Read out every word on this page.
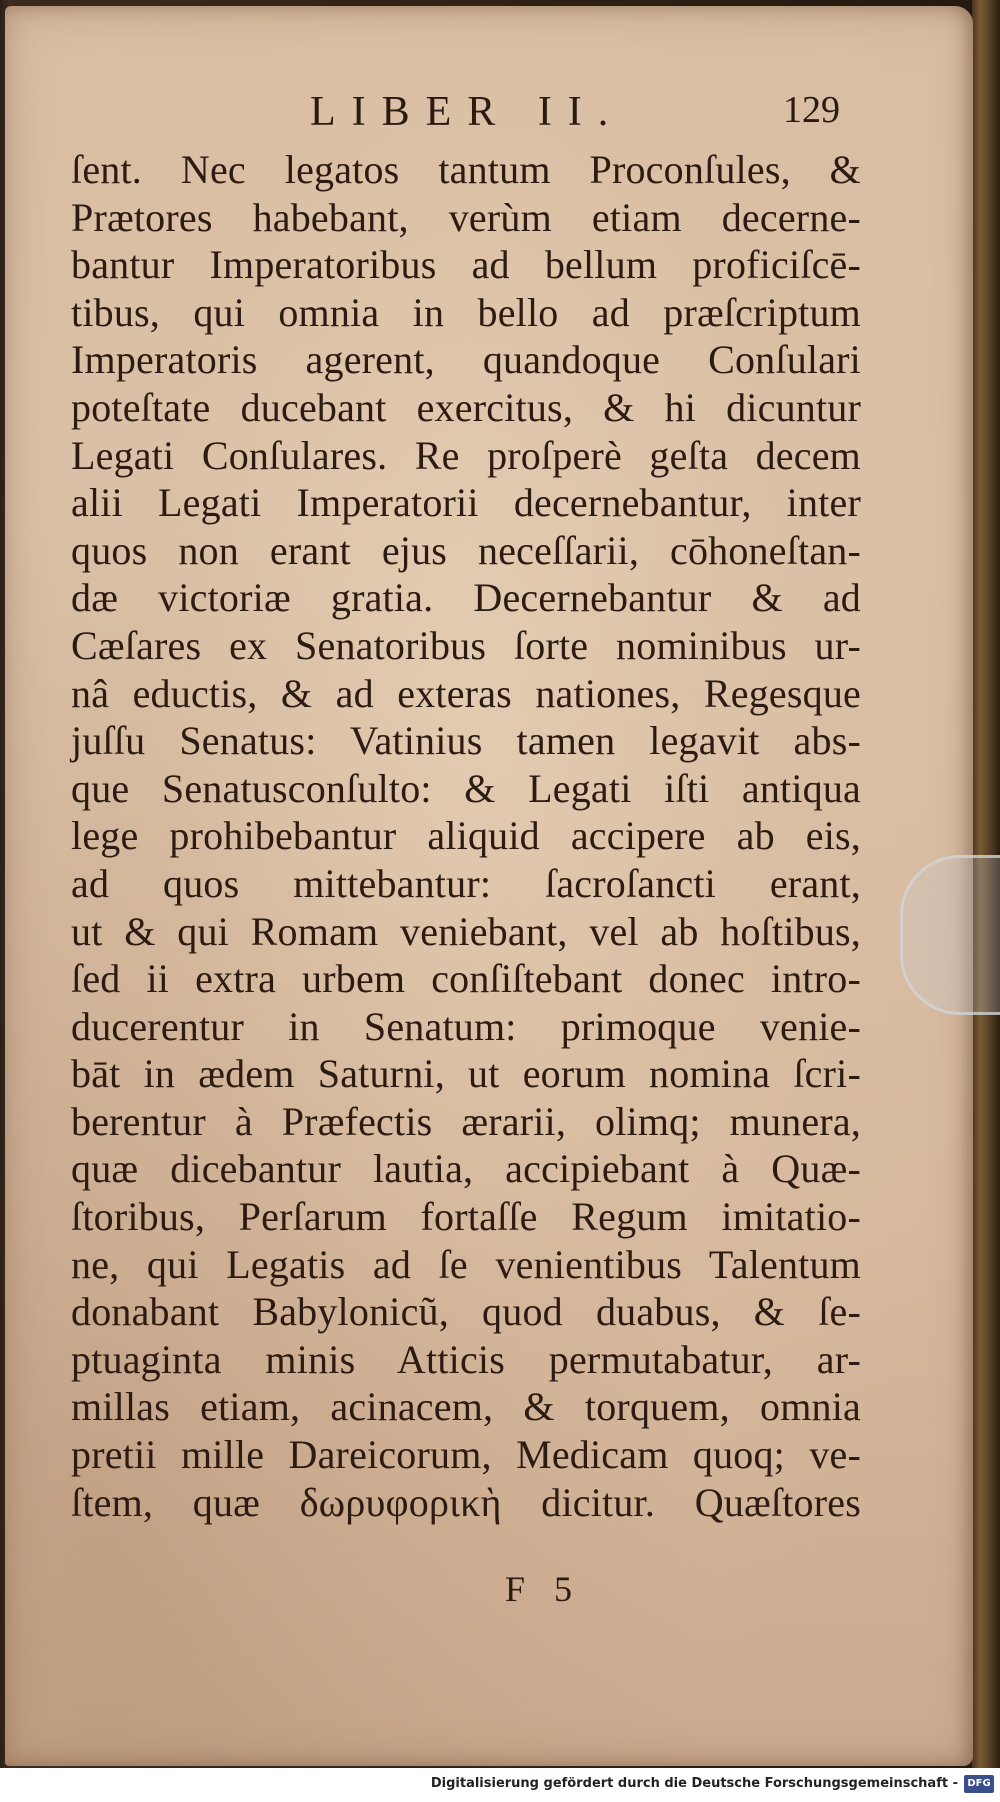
LIBER II.	129
ſent. Nec legatos tantum Proconſules, &
Prætores habebant, verùm etiam decerne-
bantur Imperatoribus ad bellum proficiſcē-
tibus, qui omnia in bello ad præſcriptum
Imperatoris agerent, quandoque Conſulari
poteſtate ducebant exercitus, & hi dicuntur
Legati Conſulares. Re proſperè geſta decem
alii Legati Imperatorii decernebantur, inter
quos non erant ejus neceſſarii, cōhoneſtan-
dæ victoriæ gratia. Decernebantur & ad
Cæſares ex Senatoribus ſorte nominibus ur-
nâ eductis, & ad exteras nationes, Regesque
juſſu Senatus: Vatinius tamen legavit abs-
que Senatusconſulto: & Legati iſti antiqua
lege prohibebantur aliquid accipere ab eis,
ad quos mittebantur: ſacroſancti erant,
ut & qui Romam veniebant, vel ab hoſtibus,
ſed ii extra urbem conſiſtebant donec intro-
ducerentur in Senatum: primoque venie-
bāt in ædem Saturni, ut eorum nomina ſcri-
berentur à Præfectis ærarii, olimq; munera,
quæ dicebantur lautia, accipiebant à Quæ-
ſtoribus, Perſarum fortaſſe Regum imitatio-
ne, qui Legatis ad ſe venientibus Talentum
donabant Babylonicũ, quod duabus, & ſe-
ptuaginta minis Atticis permutabatur, ar-
millas etiam, acinacem, & torquem, omnia
pretii mille Dareicorum, Medicam quoq; ve-
ſtem, quæ δωρυφορικὴ dicitur. Quæſtores
F 5
Digitalisierung gefördert durch die Deutsche Forschungsgemeinschaft - DFG
